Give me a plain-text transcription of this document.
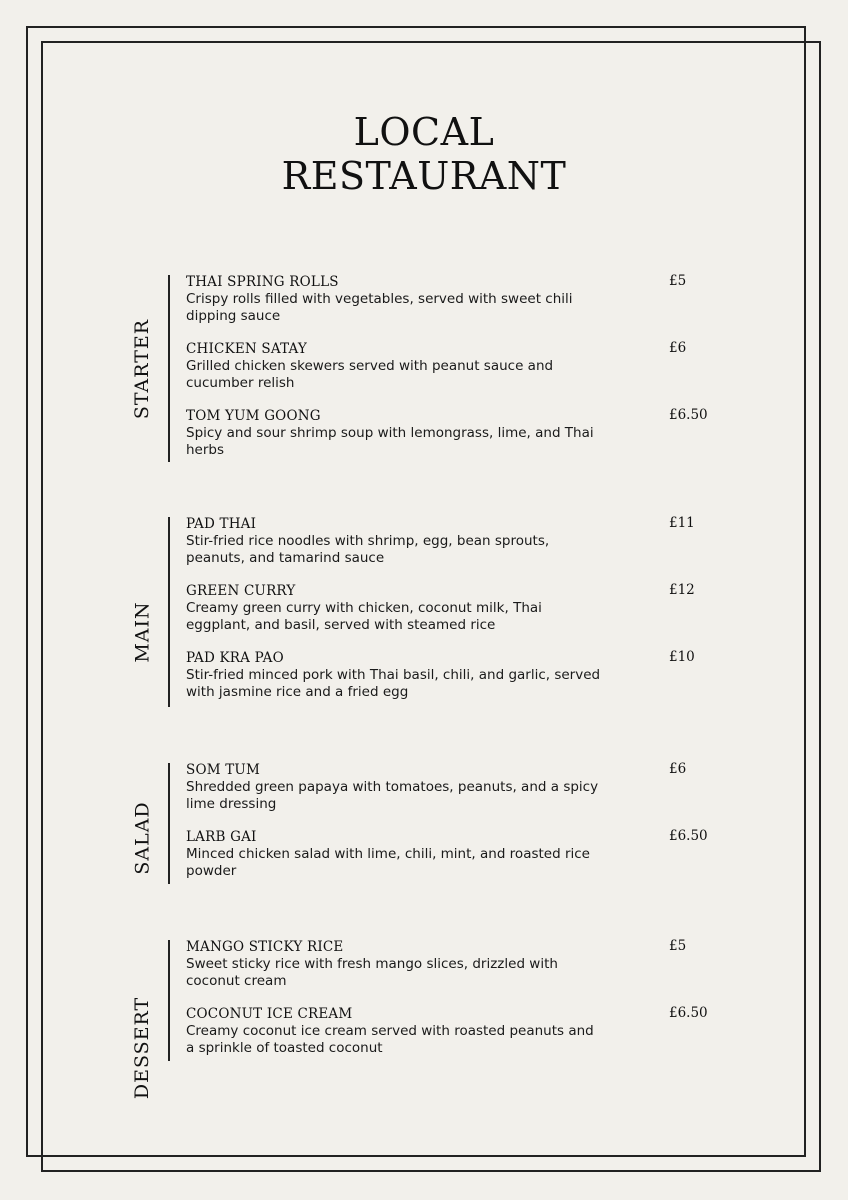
LOCAL
RESTAURANT
STARTER
THAI SPRING ROLLS
Crispy rolls filled with vegetables, served with sweet chili dipping sauce
£5
CHICKEN SATAY
Grilled chicken skewers served with peanut sauce and cucumber relish
£6
TOM YUM GOONG
Spicy and sour shrimp soup with lemongrass, lime, and Thai herbs
£6.50
MAIN
PAD THAI
Stir-fried rice noodles with shrimp, egg, bean sprouts, peanuts, and tamarind sauce
£11
GREEN CURRY
Creamy green curry with chicken, coconut milk, Thai eggplant, and basil, served with steamed rice
£12
PAD KRA PAO
Stir-fried minced pork with Thai basil, chili, and garlic, served with jasmine rice and a fried egg
£10
SALAD
SOM TUM
Shredded green papaya with tomatoes, peanuts, and a spicy lime dressing
£6
LARB GAI
Minced chicken salad with lime, chili, mint, and roasted rice powder
£6.50
DESSERT
MANGO STICKY RICE
Sweet sticky rice with fresh mango slices, drizzled with coconut cream
£5
COCONUT ICE CREAM
Creamy coconut ice cream served with roasted peanuts and a sprinkle of toasted coconut
£6.50
